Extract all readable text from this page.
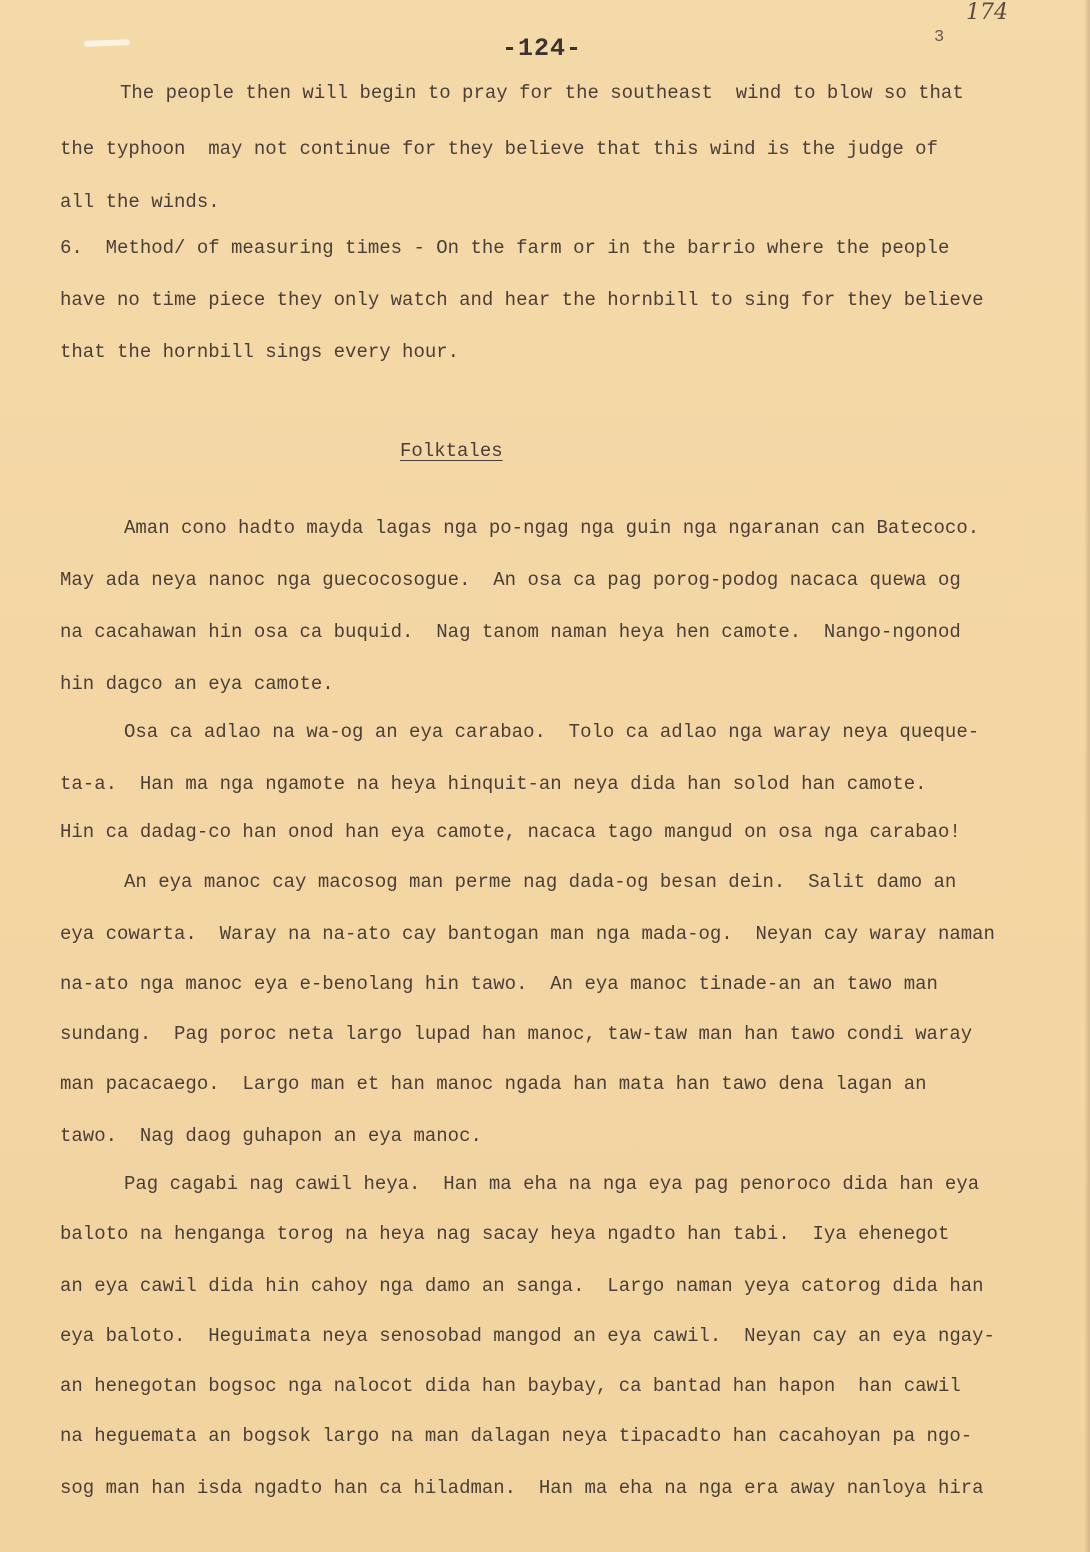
-124-
174
3
The people then will begin to pray for the southeast  wind to blow so that
the typhoon  may not continue for they believe that this wind is the judge of
all the winds.
6.  Method/ of measuring times - On the farm or in the barrio where the people
have no time piece they only watch and hear the hornbill to sing for they believe
that the hornbill sings every hour.
Folktales
Aman cono hadto mayda lagas nga po-ngag nga guin nga ngaranan can Batecoco.
May ada neya nanoc nga guecocosogue.  An osa ca pag porog-podog nacaca quewa og
na cacahawan hin osa ca buquid.  Nag tanom naman heya hen camote.  Nango-ngonod
hin dagco an eya camote.
Osa ca adlao na wa-og an eya carabao.  Tolo ca adlao nga waray neya queque-
ta-a.  Han ma nga ngamote na heya hinquit-an neya dida han solod han camote.
Hin ca dadag-co han onod han eya camote, nacaca tago mangud on osa nga carabao!
An eya manoc cay macosog man perme nag dada-og besan dein.  Salit damo an
eya cowarta.  Waray na na-ato cay bantogan man nga mada-og.  Neyan cay waray naman
na-ato nga manoc eya e-benolang hin tawo.  An eya manoc tinade-an an tawo man
sundang.  Pag poroc neta largo lupad han manoc, taw-taw man han tawo condi waray
man pacacaego.  Largo man et han manoc ngada han mata han tawo dena lagan an
tawo.  Nag daog guhapon an eya manoc.
Pag cagabi nag cawil heya.  Han ma eha na nga eya pag penoroco dida han eya
baloto na henganga torog na heya nag sacay heya ngadto han tabi.  Iya ehenegot
an eya cawil dida hin cahoy nga damo an sanga.  Largo naman yeya catorog dida han
eya baloto.  Heguimata neya senosobad mangod an eya cawil.  Neyan cay an eya ngay-
an henegotan bogsoc nga nalocot dida han baybay, ca bantad han hapon  han cawil
na heguemata an bogsok largo na man dalagan neya tipacadto han cacahoyan pa ngo-
sog man han isda ngadto han ca hiladman.  Han ma eha na nga era away nanloya hira
